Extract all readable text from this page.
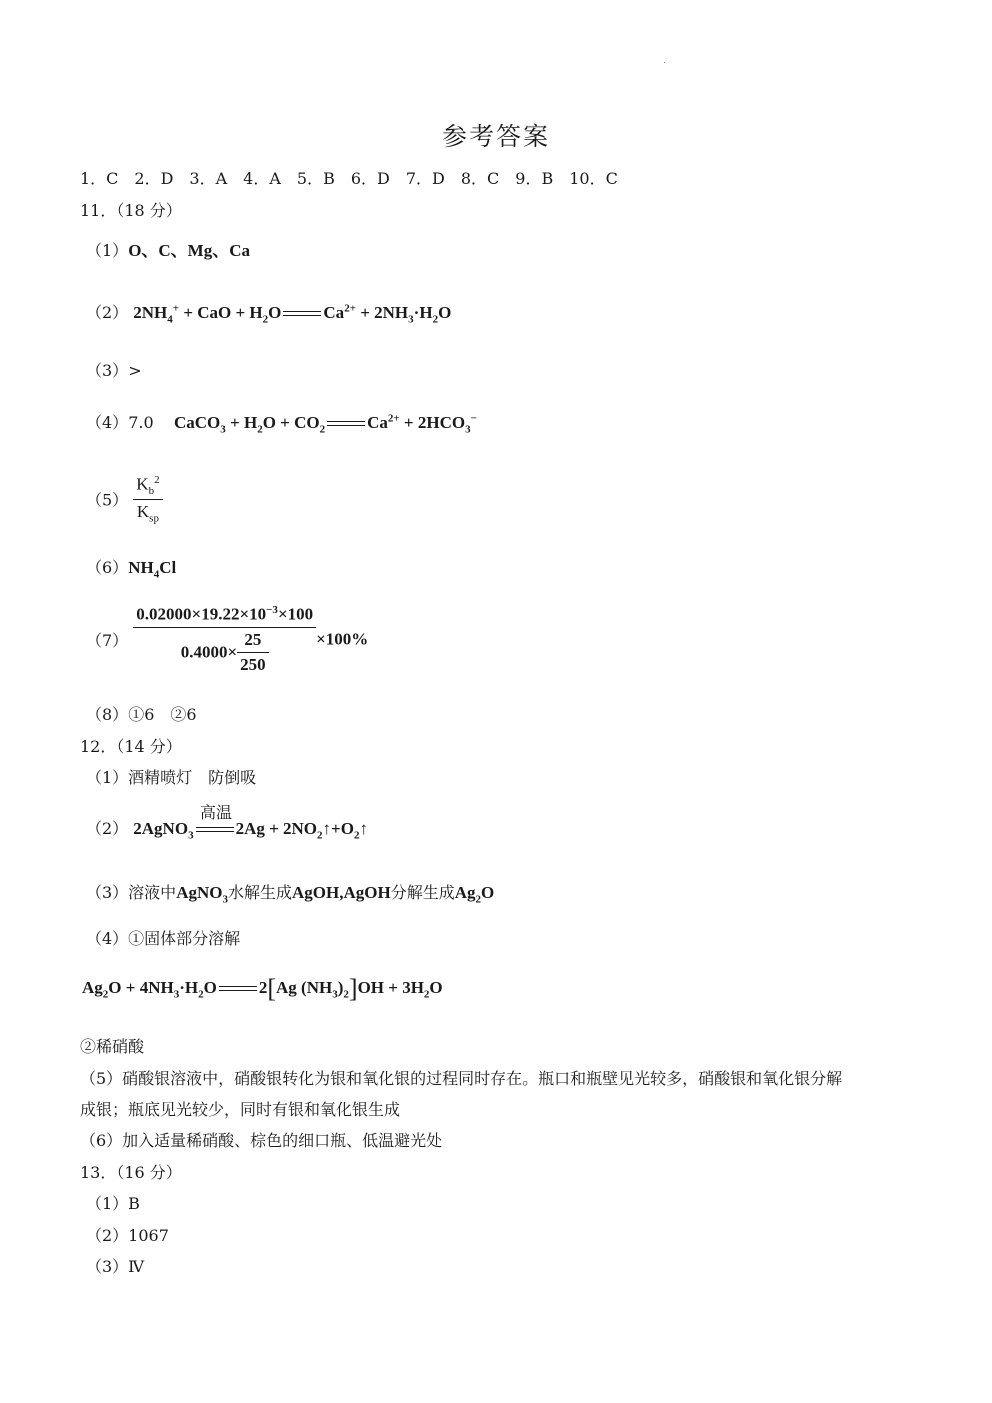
参考答案
1．C　2．D　3．A　4．A　5．B　6．D　7．D　8．C　9．B　10．C
11．（18 分）
（1）O、C、Mg、Ca
（2） $2NH_4^+$ + CaO + $H_2O$ $Ca^{2+} + 2NH_3\cdot H_2O$
（3）>
（4）7.0 CaCO$_3$ + $H_2O + CO_2$ $Ca^{2+} + 2HCO_3^-$
$(5) \frac{K_b^2}{K_{sp}}$
$(6)NH_4Cl$
$(7) \frac{0.02000\times 19.22\times 10^{-3}\times 100}{0.4000\times \frac{25}{250}} \times 100\%$
（8）①6　②6
12．（14 分）
（1）酒精喷灯　防倒吸
（2） 2AgNO$_3$ $2Ag + 2NO_2↑+O_2↑$
高温
（3）溶液中AgNO$_3$水解生成AgOH,AgOH分解生成$Ag_2O$
（4）①固体部分溶解
$Ag_2O + 4NH_3\cdot H_2O$ 2[Ag $(NH_3)_2]OH + 3H_2O$
②稀硝酸
（5）硝酸银溶液中，硝酸银转化为银和氧化银的过程同时存在。瓶口和瓶壁见光较多，硝酸银和氧化银分解
成银；瓶底见光较少，同时有银和氧化银生成
（6）加入适量稀硝酸、棕色的细口瓶、低温避光处
13．（16 分）
（1）B
（2）1067
（3）Ⅳ
